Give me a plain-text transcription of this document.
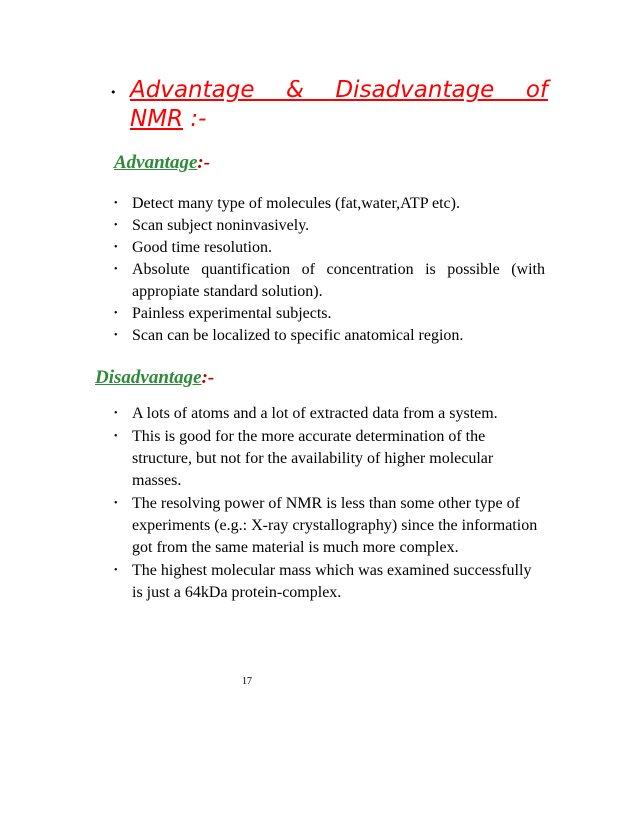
• Advantage & Disadvantage of
NMR :-
Advantage:-
• Detect many type of molecules (fat,water,ATP etc).
• Scan subject noninvasively.
• Good time resolution.
• Absolute quantification of concentration is possible (with appropiate standard solution).
• Painless experimental subjects.
• Scan can be localized to specific anatomical region.
Disadvantage:-
• A lots of atoms and a lot of extracted data from a system.
• This is good for the more accurate determination of the structure, but not for the availability of higher molecular masses.
• The resolving power of NMR is less than some other type of experiments (e.g.: X-ray crystallography) since the information got from the same material is much more complex.
• The highest molecular mass which was examined successfully is just a 64kDa protein-complex.
17
